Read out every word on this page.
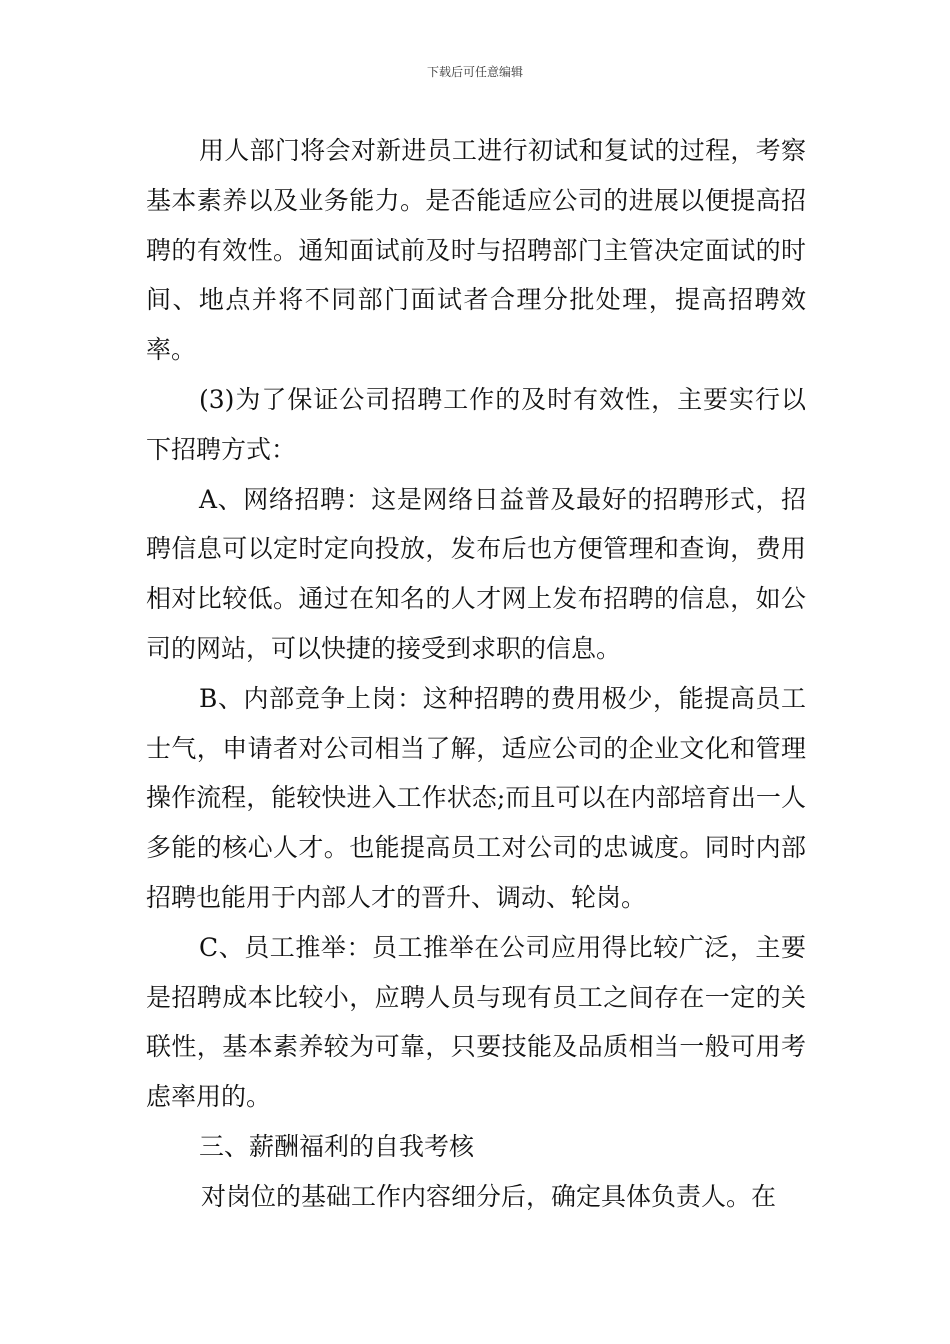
下载后可任意编辑

用人部门将会对新进员工进行初试和复试的过程，考察基本素养以及业务能力。是否能适应公司的进展以便提高招聘的有效性。通知面试前及时与招聘部门主管决定面试的时间、地点并将不同部门面试者合理分批处理，提高招聘效率。

(3)为了保证公司招聘工作的及时有效性，主要实行以下招聘方式：

A、网络招聘：这是网络日益普及最好的招聘形式，招聘信息可以定时定向投放，发布后也方便管理和查询，费用相对比较低。通过在知名的人才网上发布招聘的信息，如公司的网站，可以快捷的接受到求职的信息。

B、内部竞争上岗：这种招聘的费用极少，能提高员工士气，申请者对公司相当了解，适应公司的企业文化和管理操作流程，能较快进入工作状态;而且可以在内部培育出一人多能的核心人才。也能提高员工对公司的忠诚度。同时内部招聘也能用于内部人才的晋升、调动、轮岗。

C、员工推举：员工推举在公司应用得比较广泛，主要是招聘成本比较小，应聘人员与现有员工之间存在一定的关联性，基本素养较为可靠，只要技能及品质相当一般可用考虑率用的。

三、薪酬福利的自我考核

对岗位的基础工作内容细分后，确定具体负责人。在
